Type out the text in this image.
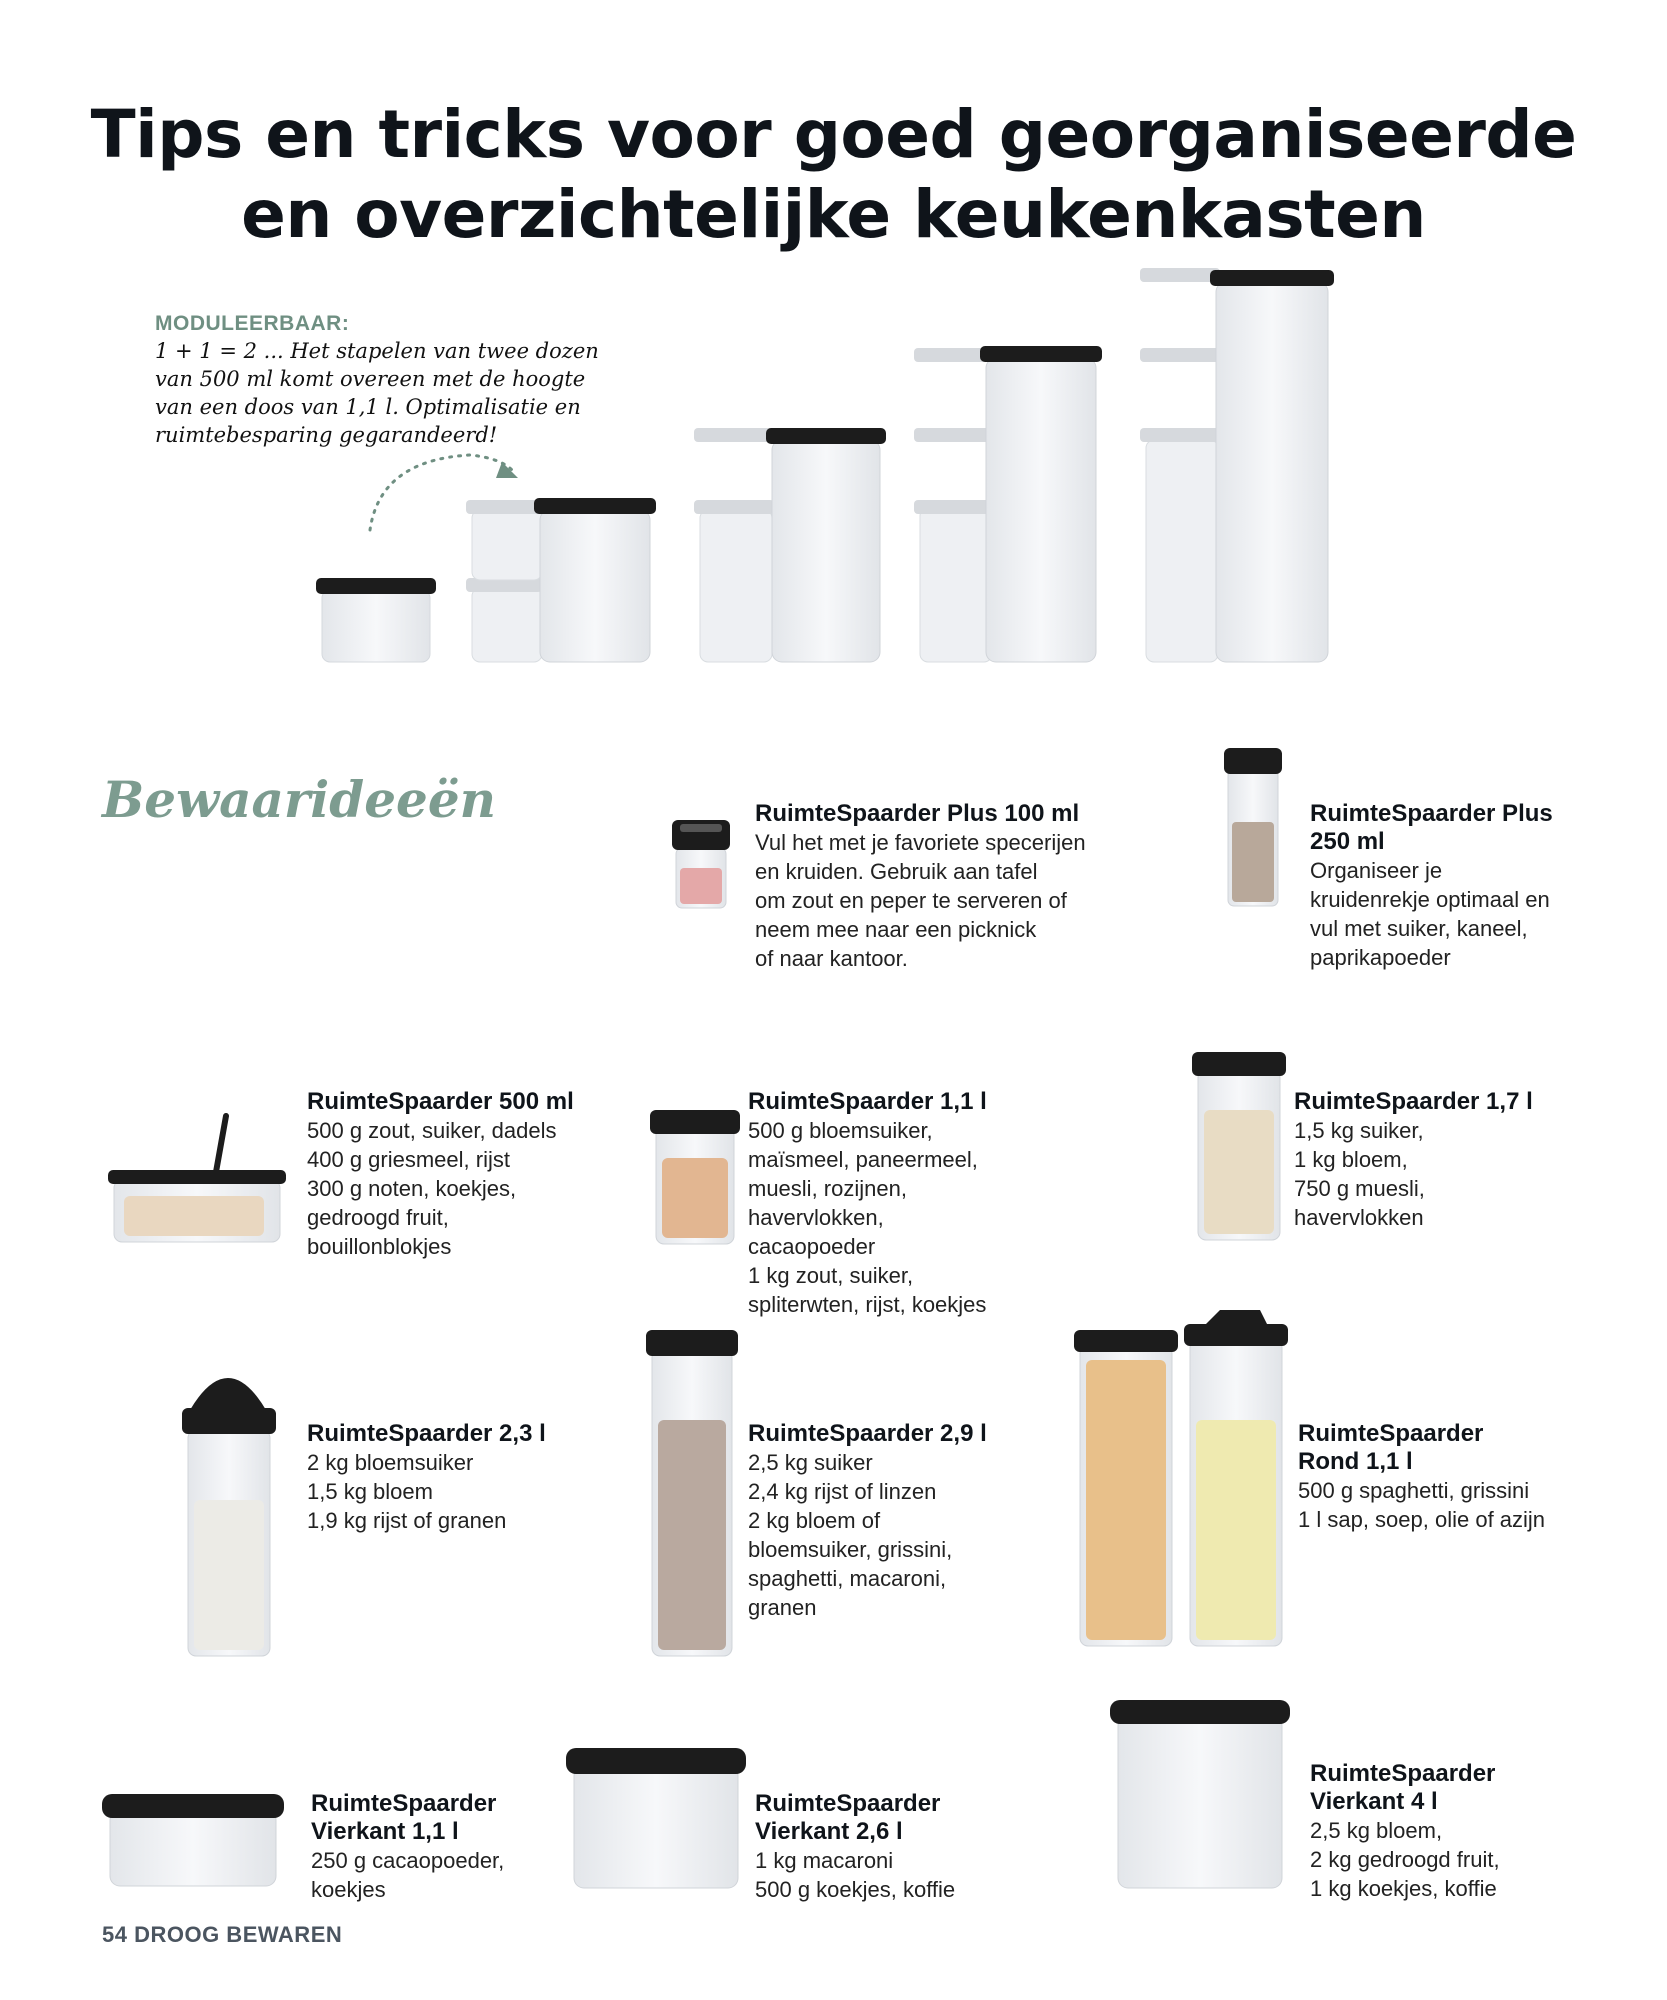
Tips en tricks voor goed georganiseerde
en overzichtelijke keukenkasten
MODULEERBAAR:
1 + 1 = 2 ... Het stapelen van twee dozen
van 500 ml komt overeen met de hoogte
van een doos van 1,1 l. Optimalisatie en
ruimtebesparing gegarandeerd!
Bewaarideeën	RuimteSpaarder Plus 100 ml
Vul het met je favoriete specerijen
en kruiden. Gebruik aan tafel
om zout en peper te serveren of
neem mee naar een picknick
of naar kantoor.
RuimteSpaarder Plus
250 ml
Organiseer je
kruidenrekje optimaal en
vul met suiker, kaneel,
paprikapoeder
RuimteSpaarder 500 ml
500 g zout, suiker, dadels
400 g griesmeel, rijst
300 g noten, koekjes,
gedroogd fruit,
bouillonblokjes
RuimteSpaarder 1,1 l
500 g bloemsuiker,
maïsmeel, paneermeel,
muesli, rozijnen,
havervlokken,
cacaopoeder
1 kg zout, suiker,
spliterwten, rijst, koekjes
RuimteSpaarder 1,7 l
1,5 kg suiker,
1 kg bloem,
750 g muesli,
havervlokken
RuimteSpaarder 2,3 l
2 kg bloemsuiker
1,5 kg bloem
1,9 kg rijst of granen
RuimteSpaarder 2,9 l
2,5 kg suiker
2,4 kg rijst of linzen
2 kg bloem of
bloemsuiker, grissini,
spaghetti, macaroni,
granen
RuimteSpaarder
Rond 1,1 l
500 g spaghetti, grissini
1 l sap, soep, olie of azijn
RuimteSpaarder
Vierkant 1,1 l
250 g cacaopoeder,
koekjes
RuimteSpaarder
Vierkant 2,6 l
1 kg macaroni
500 g koekjes, koffie
RuimteSpaarder
Vierkant 4 l
2,5 kg bloem,
2 kg gedroogd fruit,
1 kg koekjes, koffie
54 DROOG BEWAREN
